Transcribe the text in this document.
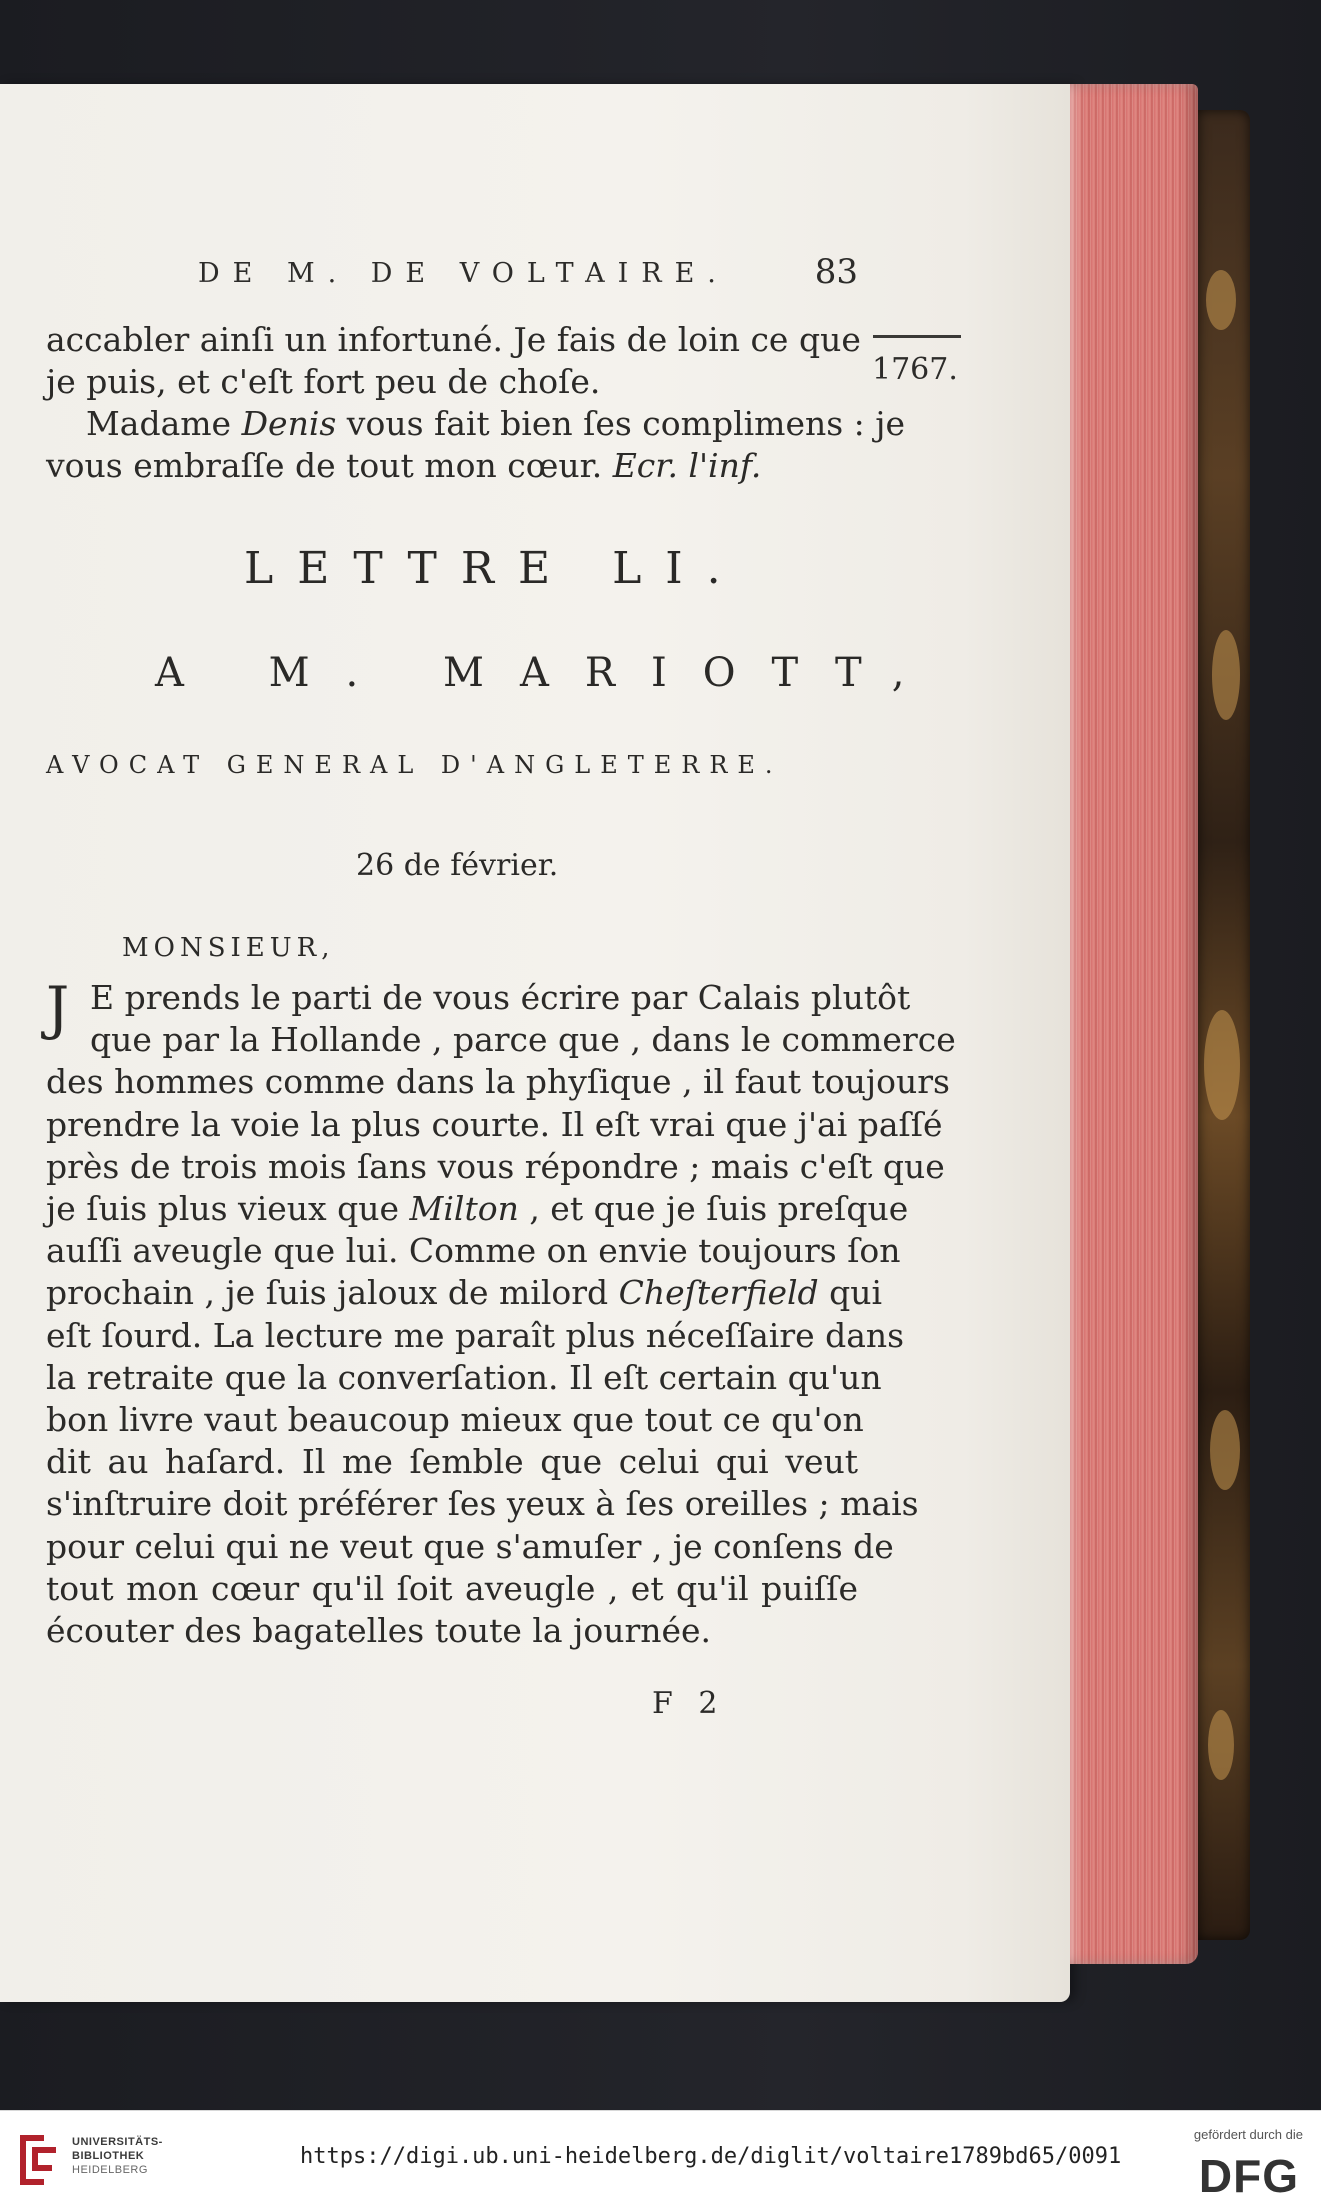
DE M. DE VOLTAIRE.	83
1767.
accabler ainſi un infortuné. Je fais de loin ce que
je puis, et c'eſt fort peu de choſe.
Madame Denis vous fait bien ſes complimens : je
vous embraſſe de tout mon cœur. Ecr. l'inf.
LETTRE LI.
A M. MARIOTT,
AVOCAT GENERAL D'ANGLETERRE.
26 de février.
MONSIEUR,
J E prends le parti de vous écrire par Calais plutôt
que par la Hollande , parce que , dans le commerce
des hommes comme dans la phyſique , il faut toujours
prendre la voie la plus courte. Il eſt vrai que j'ai paſſé
près de trois mois ſans vous répondre ; mais c'eſt que
je ſuis plus vieux que Milton , et que je ſuis preſque
auſſi aveugle que lui. Comme on envie toujours ſon
prochain , je ſuis jaloux de milord Cheſterfield qui
eſt ſourd. La lecture me paraît plus néceſſaire dans
la retraite que la converſation. Il eſt certain qu'un
bon livre vaut beaucoup mieux que tout ce qu'on
dit au haſard. Il me ſemble que celui qui veut
s'inſtruire doit préférer ſes yeux à ſes oreilles ; mais
pour celui qui ne veut que s'amuſer , je conſens de
tout mon cœur qu'il ſoit aveugle , et qu'il puiſſe
écouter des bagatelles toute la journée.
F 2
UNIVERSITÄTS-
BIBLIOTHEK
HEIDELBERG
https://digi.ub.uni-heidelberg.de/diglit/voltaire1789bd65/0091
gefördert durch die
DFG
